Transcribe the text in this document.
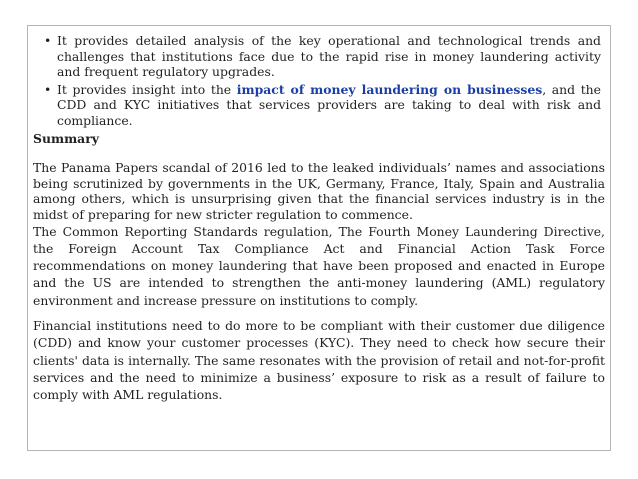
• It provides detailed analysis of the key operational and technological trends and challenges that institutions face due to the rapid rise in money laundering activity and frequent regulatory upgrades.
• It provides insight into the impact of money laundering on businesses, and the CDD and KYC initiatives that services providers are taking to deal with risk and compliance.
Summary

The Panama Papers scandal of 2016 led to the leaked individuals’ names and associations being scrutinized by governments in the UK, Germany, France, Italy, Spain and Australia among others, which is unsurprising given that the financial services industry is in the midst of preparing for new stricter regulation to commence.

The Common Reporting Standards regulation, The Fourth Money Laundering Directive, the Foreign Account Tax Compliance Act and Financial Action Task Force recommendations on money laundering that have been proposed and enacted in Europe and the US are intended to strengthen the anti-money laundering (AML) regulatory environment and increase pressure on institutions to comply.

Financial institutions need to do more to be compliant with their customer due diligence (CDD) and know your customer processes (KYC). They need to check how secure their clients' data is internally. The same resonates with the provision of retail and not-for-profit services and the need to minimize a business’ exposure to risk as a result of failure to comply with AML regulations.
